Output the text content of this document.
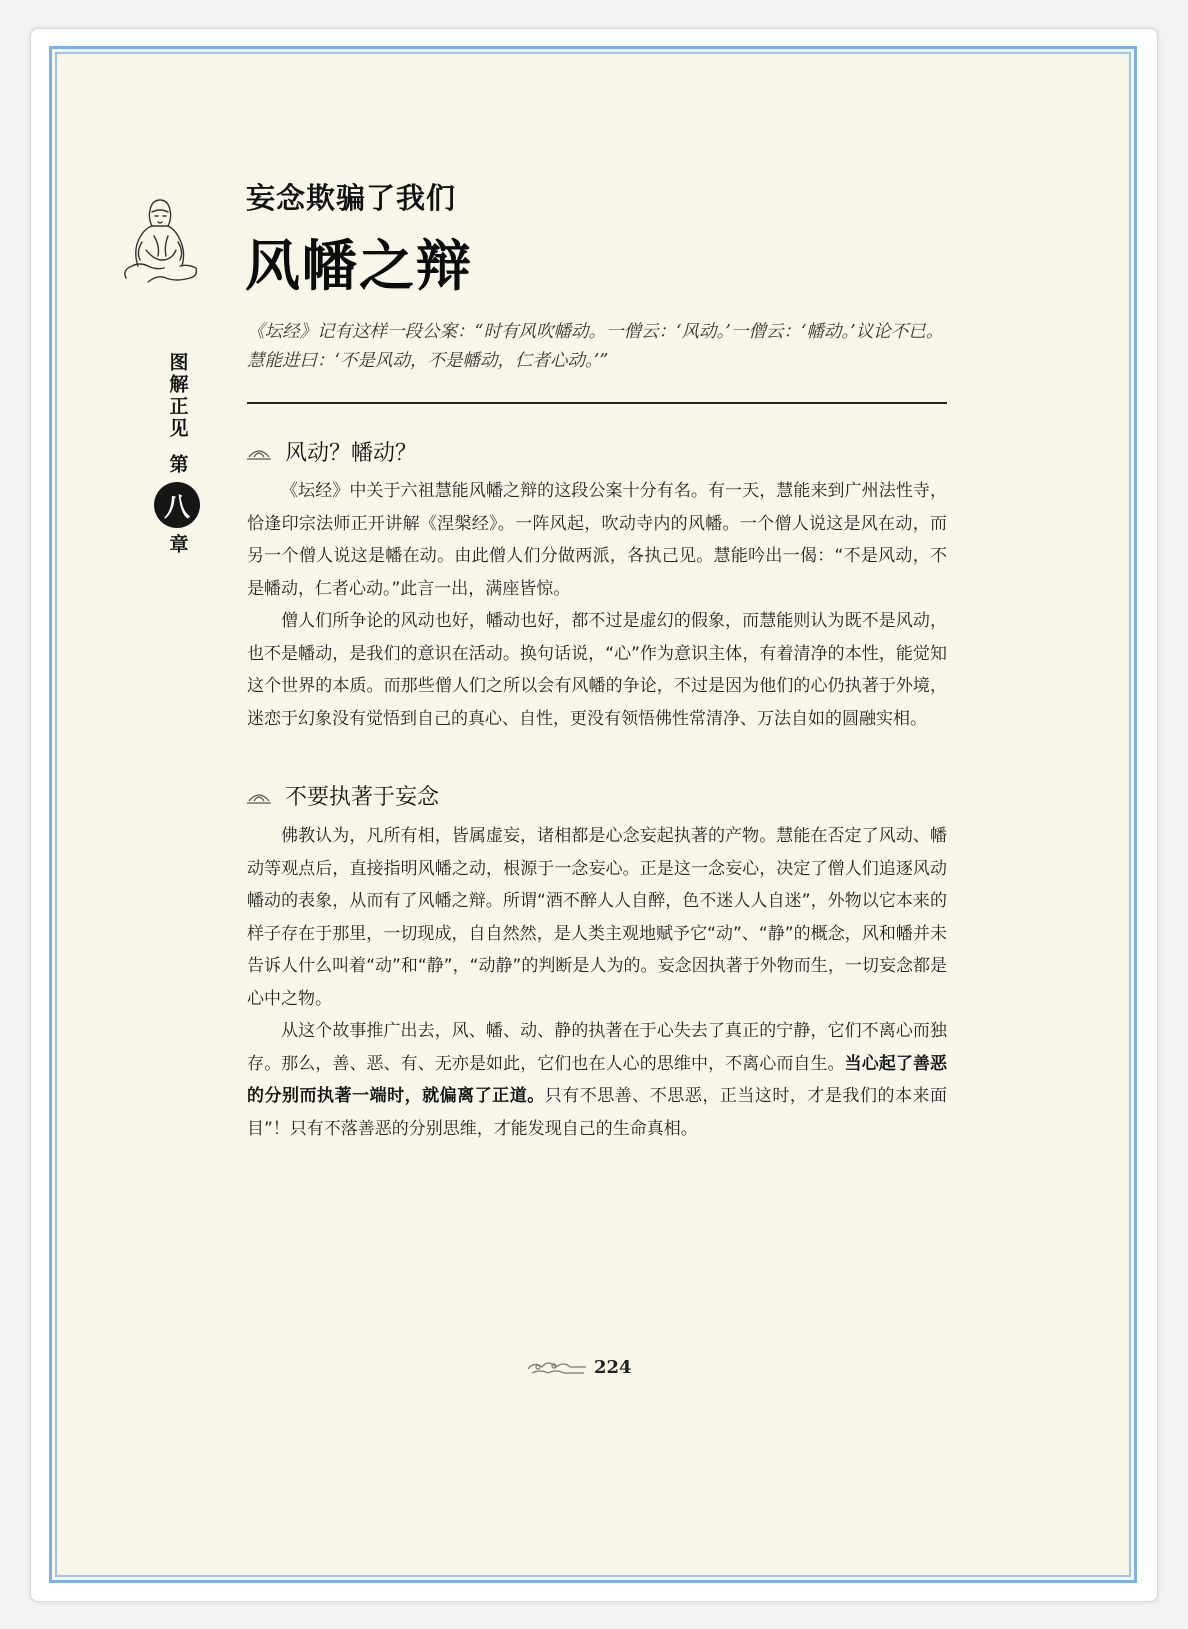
图解正见
第
八
章
妄念欺骗了我们
风幡之辩
《坛经》记有这样一段公案：“时有风吹幡动。一僧云：‘风动。’一僧云：‘幡动。’议论不已。慧能进曰：‘不是风动，不是幡动，仁者心动。’”
风动？幡动？

《坛经》中关于六祖慧能风幡之辩的这段公案十分有名。有一天，慧能来到广州法性寺，恰逢印宗法师正开讲解《涅槃经》。一阵风起，吹动寺内的风幡。一个僧人说这是风在动，而另一个僧人说这是幡在动。由此僧人们分做两派，各执己见。慧能吟出一偈：“不是风动，不是幡动，仁者心动。”此言一出，满座皆惊。

僧人们所争论的风动也好，幡动也好，都不过是虚幻的假象，而慧能则认为既不是风动，也不是幡动，是我们的意识在活动。换句话说，“心”作为意识主体，有着清净的本性，能觉知这个世界的本质。而那些僧人们之所以会有风幡的争论，不过是因为他们的心仍执著于外境，迷恋于幻象没有觉悟到自己的真心、自性，更没有领悟佛性常清净、万法自如的圆融实相。

不要执著于妄念

佛教认为，凡所有相，皆属虚妄，诸相都是心念妄起执著的产物。慧能在否定了风动、幡动等观点后，直接指明风幡之动，根源于一念妄心。正是这一念妄心，决定了僧人们追逐风动幡动的表象，从而有了风幡之辩。所谓“酒不醉人人自醉，色不迷人人自迷”，外物以它本来的样子存在于那里，一切现成，自自然然，是人类主观地赋予它“动”、“静”的概念，风和幡并未告诉人什么叫着“动”和“静”，“动静”的判断是人为的。妄念因执著于外物而生，一切妄念都是心中之物。

从这个故事推广出去，风、幡、动、静的执著在于心失去了真正的宁静，它们不离心而独存。那么，善、恶、有、无亦是如此，它们也在人心的思维中，不离心而自生。当心起了善恶的分别而执著一端时，就偏离了正道。只有不思善、不思恶，正当这时，才是我们的本来面目”！只有不落善恶的分别思维，才能发现自己的生命真相。

224
